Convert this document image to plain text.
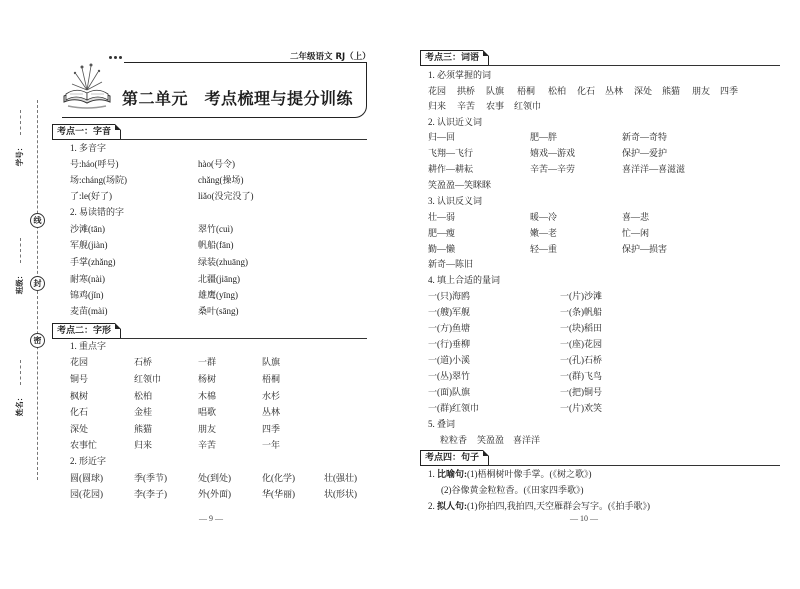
学号：
线
班级：	封
密
姓名：
二年级语文 RJ（上）
第二单元　考点梳理与提分训练
考点一：字音
1. 多音字
号:háo(呼号)	hào(号令)
场:cháng(场院)	chǎng(操场)
了:le(好了)	liǎo(没完没了)
2. 易读错的字
沙滩(tān)	翠竹(cuì)
军舰(jiàn)	帆船(fān)
手掌(zhǎng)	绿装(zhuāng)
耐寒(nài)	北疆(jiāng)
锦鸡(jǐn)	雄鹰(yīng)
麦苗(mài)	桑叶(sāng)
考点二：字形
1. 重点字
花园	石桥	一群	队旗
铜号	红领巾	杨树	梧桐
枫树	松柏	木棉	水杉
化石	金桂	唱歌	丛林
深处	熊猫	朋友	四季
农事忙	归来	辛苦	一年
2. 形近字
圆(圆球)	季(季节)	处(到处)	化(化学)	壮(强壮)
园(花园)	李(李子)	外(外面)	华(华丽)	状(形状)
— 9 —
考点三：词语
1. 必须掌握的词
花园 拱桥 队旗 梧桐 松柏 化石 丛林 深处 熊猫 朋友 四季
归来 辛苦 农事 红领巾
2. 认识近义词
归—回	肥—胖	新奇—奇特
飞翔—飞行	嬉戏—游戏	保护—爱护
耕作—耕耘	辛苦—辛劳	喜洋洋—喜滋滋
笑盈盈—笑眯眯
3. 认识反义词
壮—弱	暖—冷	喜—悲
肥—瘦	嫩—老	忙—闲
勤—懒	轻—重	保护—损害
新奇—陈旧
4. 填上合适的量词
一(只)海鸥	一(片)沙滩
一(艘)军舰	一(条)帆船
一(方)鱼塘	一(块)稻田
一(行)垂柳	一(座)花园
一(道)小溪	一(孔)石桥
一(丛)翠竹	一(群)飞鸟
一(面)队旗	一(把)铜号
一(群)红领巾	一(片)欢笑
5. 叠词
粒粒香 笑盈盈 喜洋洋
考点四：句子
1. 比喻句:(1)梧桐树叶像手掌。(《树之歌》)
(2)谷像黄金粒粒香。(《田家四季歌》)
2. 拟人句:(1)你拍四,我拍四,天空雁群会写字。(《拍手歌》)
— 10 —
